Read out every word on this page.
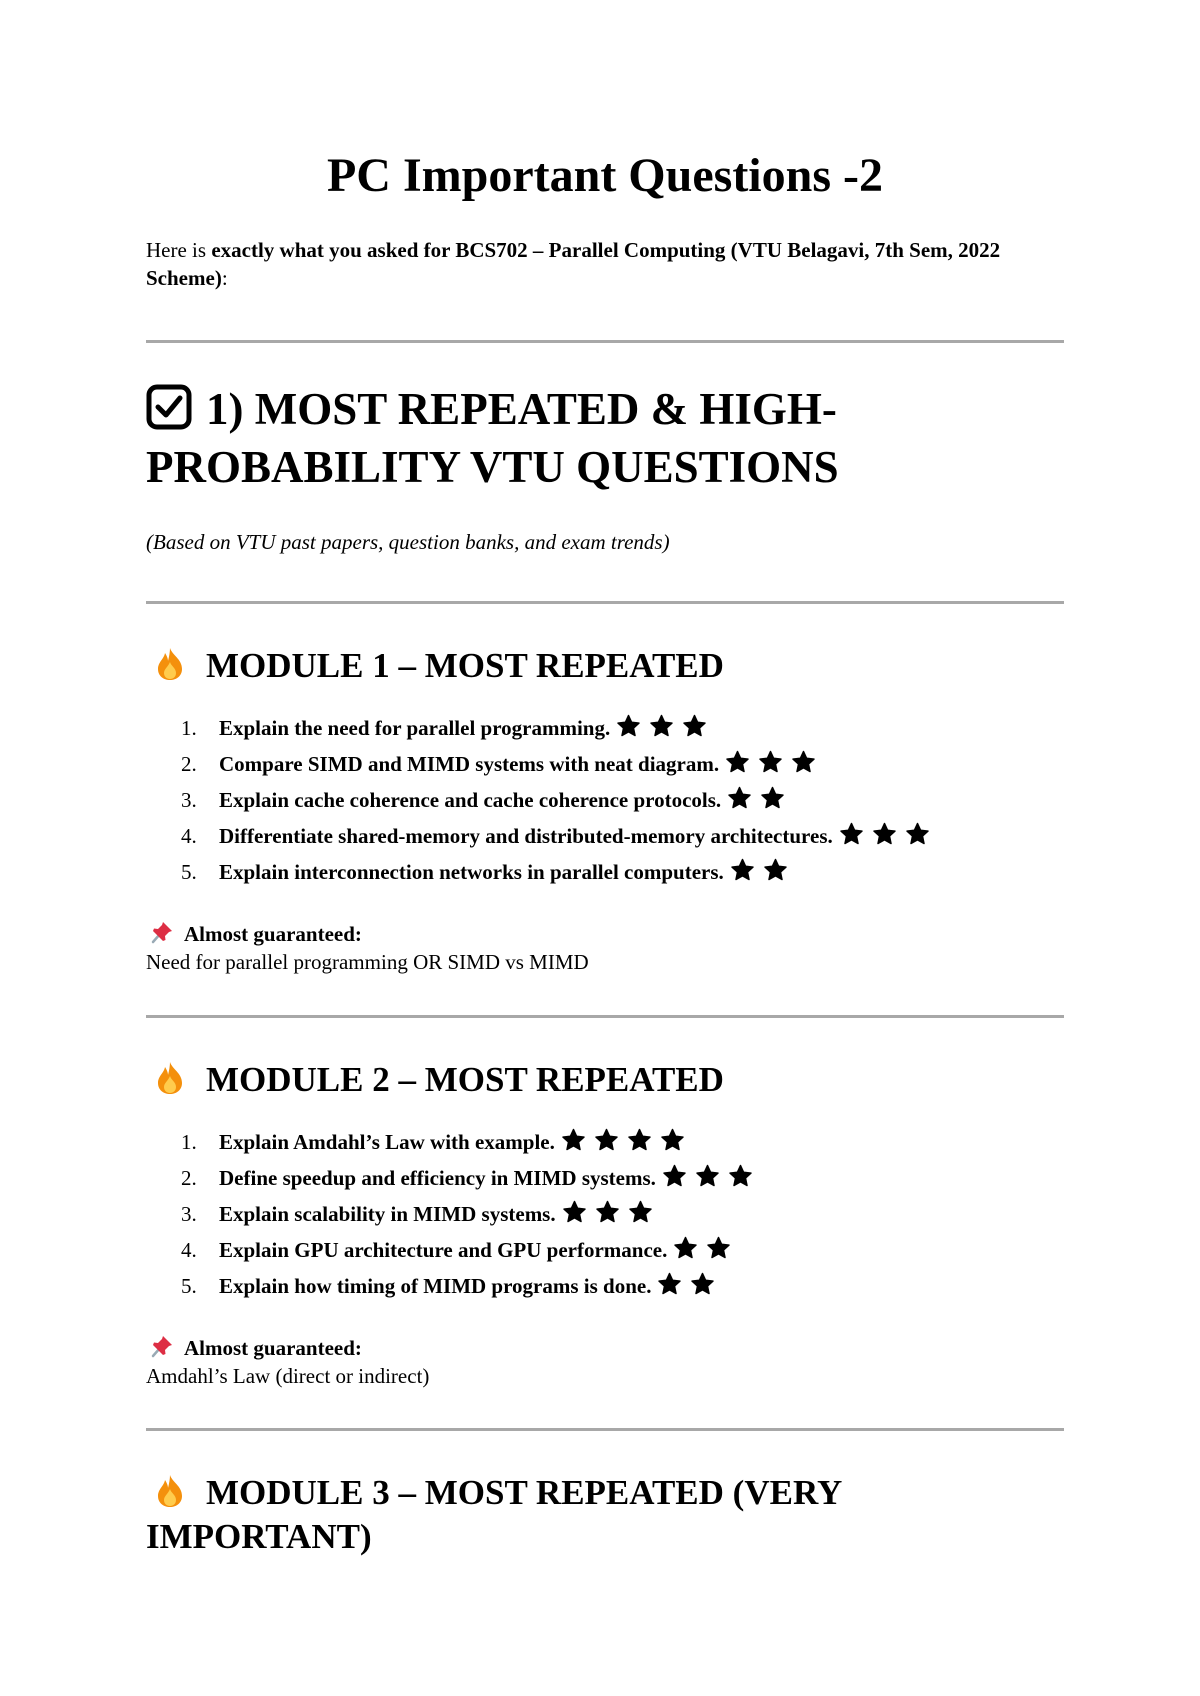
PC Important Questions -2

Here is exactly what you asked for BCS702 – Parallel Computing (VTU Belagavi, 7th Sem, 2022 Scheme):

1) MOST REPEATED & HIGH-PROBABILITY VTU QUESTIONS

(Based on VTU past papers, question banks, and exam trends)

MODULE 1 – MOST REPEATED
1. Explain the need for parallel programming.
2. Compare SIMD and MIMD systems with neat diagram.
3. Explain cache coherence and cache coherence protocols.
4. Differentiate shared-memory and distributed-memory architectures.
5. Explain interconnection networks in parallel computers.
Almost guaranteed:
Need for parallel programming OR SIMD vs MIMD
MODULE 2 – MOST REPEATED
1. Explain Amdahl’s Law with example.
2. Define speedup and efficiency in MIMD systems.
3. Explain scalability in MIMD systems.
4. Explain GPU architecture and GPU performance.
5. Explain how timing of MIMD programs is done.
Almost guaranteed:
Amdahl’s Law (direct or indirect)
MODULE 3 – MOST REPEATED (VERY IMPORTANT)
